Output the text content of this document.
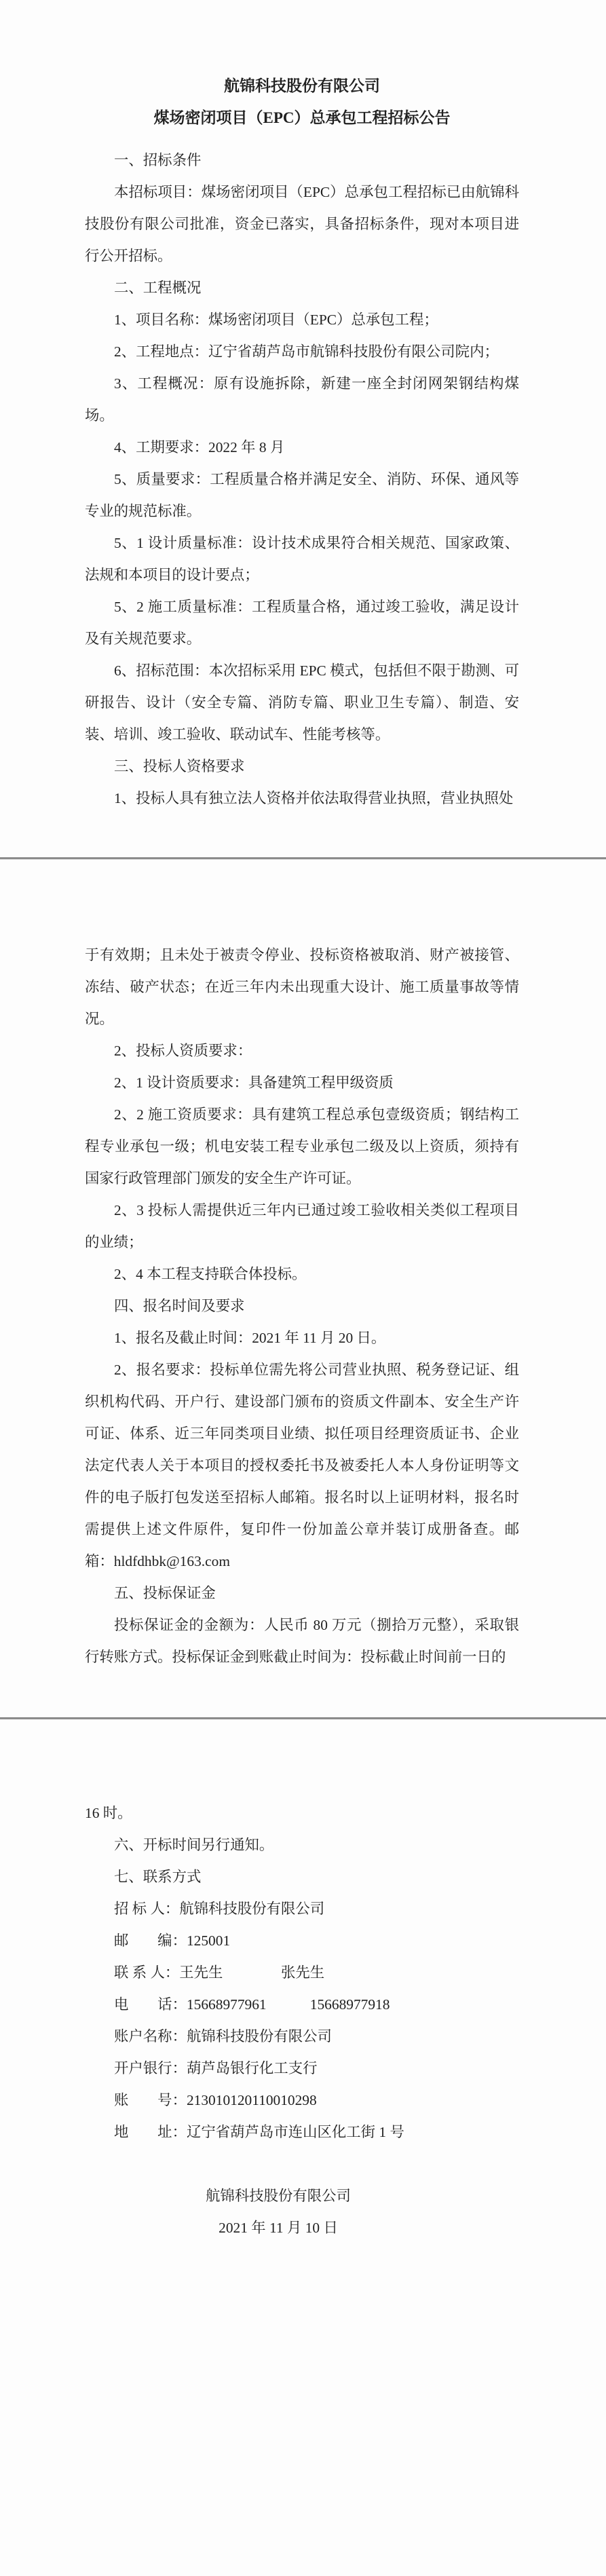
航锦科技股份有限公司
煤场密闭项目（EPC）总承包工程招标公告

一、招标条件

本招标项目：煤场密闭项目（EPC）总承包工程招标已由航锦科技股份有限公司批准，资金已落实，具备招标条件，现对本项目进行公开招标。

二、工程概况

1、项目名称：煤场密闭项目（EPC）总承包工程；

2、工程地点：辽宁省葫芦岛市航锦科技股份有限公司院内；

3、工程概况：原有设施拆除，新建一座全封闭网架钢结构煤场。

4、工期要求：2022 年 8 月

5、质量要求：工程质量合格并满足安全、消防、环保、通风等专业的规范标准。

5、1 设计质量标准：设计技术成果符合相关规范、国家政策、法规和本项目的设计要点；

5、2 施工质量标准：工程质量合格，通过竣工验收，满足设计及有关规范要求。

6、招标范围：本次招标采用 EPC 模式，包括但不限于勘测、可研报告、设计（安全专篇、消防专篇、职业卫生专篇）、制造、安装、培训、竣工验收、联动试车、性能考核等。

三、投标人资格要求

1、投标人具有独立法人资格并依法取得营业执照，营业执照处

于有效期；且未处于被责令停业、投标资格被取消、财产被接管、冻结、破产状态；在近三年内未出现重大设计、施工质量事故等情况。

2、投标人资质要求：

2、1 设计资质要求：具备建筑工程甲级资质

2、2 施工资质要求：具有建筑工程总承包壹级资质；钢结构工程专业承包一级；机电安装工程专业承包二级及以上资质，须持有国家行政管理部门颁发的安全生产许可证。

2、3 投标人需提供近三年内已通过竣工验收相关类似工程项目的业绩；

2、4 本工程支持联合体投标。

四、报名时间及要求

1、报名及截止时间：2021 年 11 月 20 日。

2、报名要求：投标单位需先将公司营业执照、税务登记证、组织机构代码、开户行、建设部门颁布的资质文件副本、安全生产许可证、体系、近三年同类项目业绩、拟任项目经理资质证书、企业法定代表人关于本项目的授权委托书及被委托人本人身份证明等文件的电子版打包发送至招标人邮箱。报名时以上证明材料，报名时需提供上述文件原件，复印件一份加盖公章并装订成册备查。邮箱：hldfdhbk@163.com

五、投标保证金

投标保证金的金额为：人民币 80 万元（捌拾万元整），采取银行转账方式。投标保证金到账截止时间为：投标截止时间前一日的

16 时。

六、开标时间另行通知。

七、联系方式

招 标 人：航锦科技股份有限公司

邮　　编：125001

联 系 人：王先生　　　　张先生

电　　话：15668977961　　　15668977918

账户名称：航锦科技股份有限公司

开户银行：葫芦岛银行化工支行

账　　号：213010120110010298

地　　址：辽宁省葫芦岛市连山区化工街 1 号

航锦科技股份有限公司

2021 年 11 月 10 日
